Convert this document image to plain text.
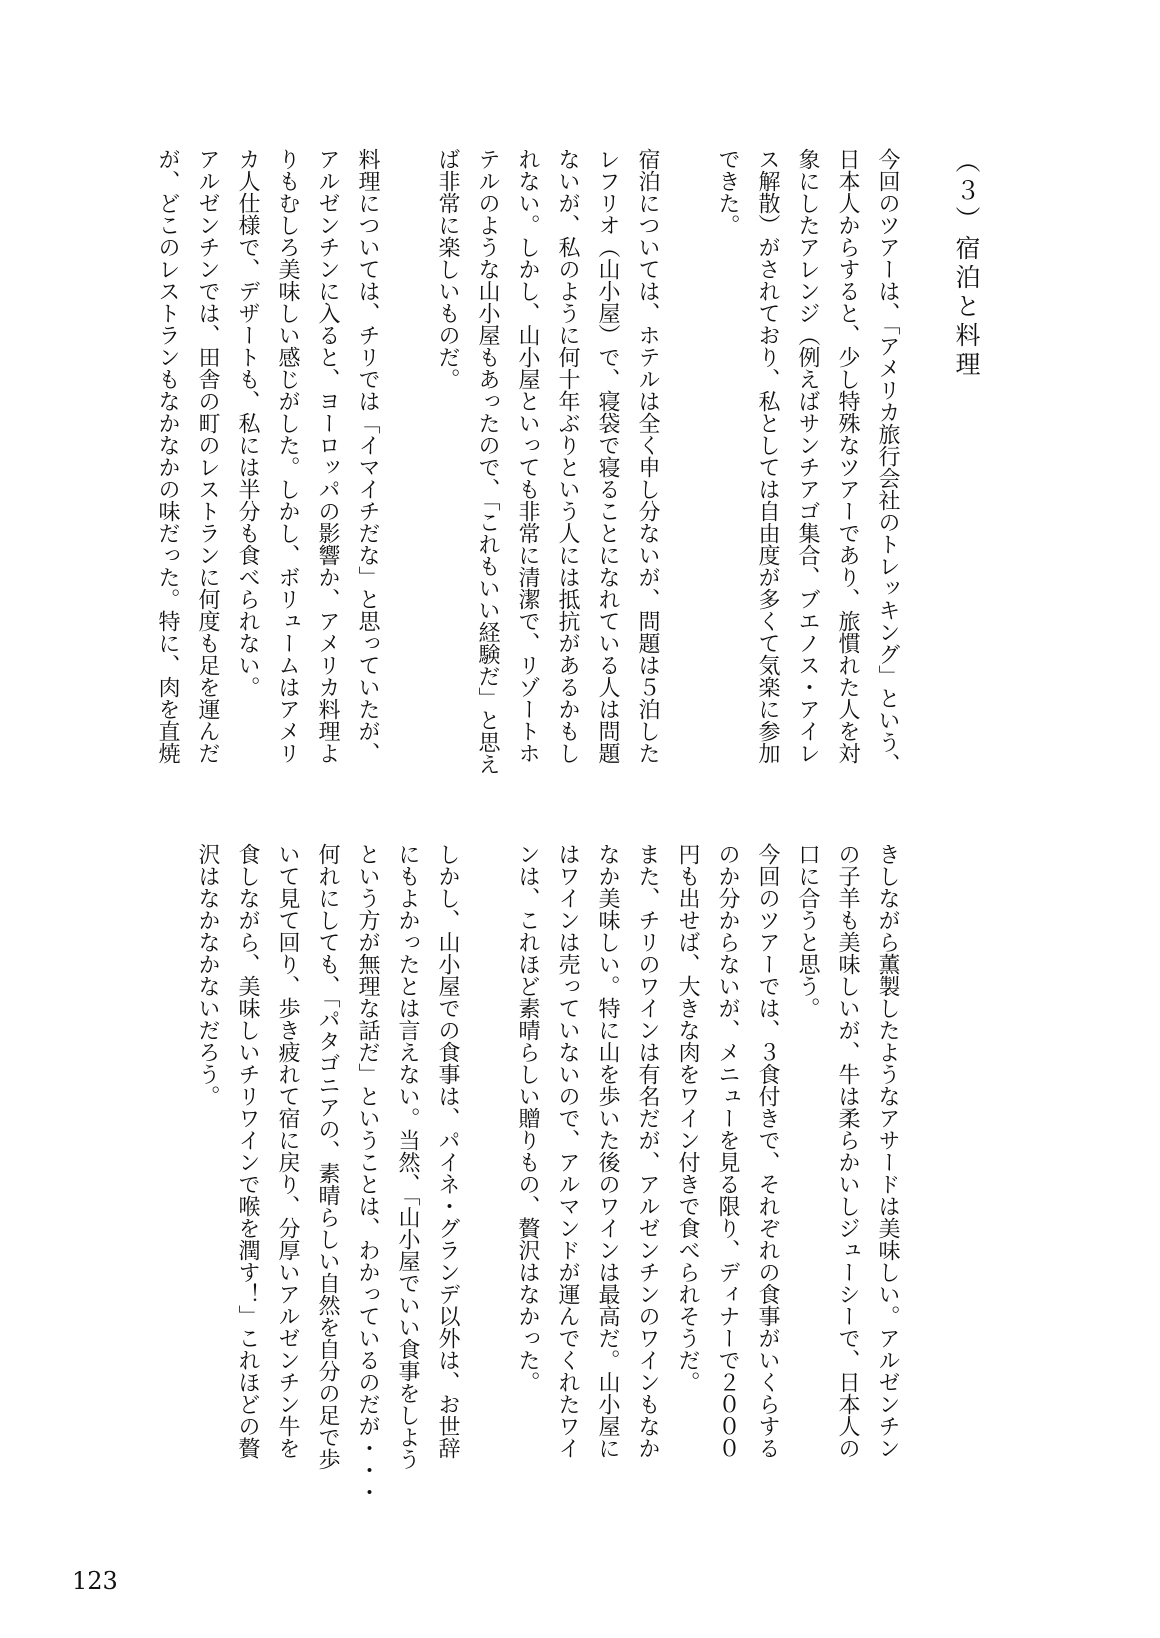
（３）宿泊と料理

今回のツアーは、「アメリカ旅行会社のトレッキング」という、

日本人からすると、少し特殊なツアーであり、旅慣れた人を対

象にしたアレンジ（例えばサンチアゴ集合、ブエノス・アイレ

ス解散）がされており、私としては自由度が多くて気楽に参加

できた。

宿泊については、ホテルは全く申し分ないが、問題は５泊した

レフリオ（山小屋）で、寝袋で寝ることになれている人は問題

ないが、私のように何十年ぶりという人には抵抗があるかもし

れない。しかし、山小屋といっても非常に清潔で、リゾートホ

テルのような山小屋もあったので、「これもいい経験だ」と思え

ば非常に楽しいものだ。

料理については、チリでは「イマイチだな」と思っていたが、

アルゼンチンに入ると、ヨーロッパの影響か、アメリカ料理よ

りもむしろ美味しい感じがした。しかし、ボリュームはアメリ

カ人仕様で、デザートも、私には半分も食べられない。

アルゼンチンでは、田舎の町のレストランに何度も足を運んだ

が、どこのレストランもなかなかの味だった。特に、肉を直焼

きしながら薫製したようなアサードは美味しい。アルゼンチン

の子羊も美味しいが、牛は柔らかいしジューシーで、日本人の

口に合うと思う。

今回のツアーでは、３食付きで、それぞれの食事がいくらする

のか分からないが、メニューを見る限り、ディナーで２０００

円も出せば、大きな肉をワイン付きで食べられそうだ。

また、チリのワインは有名だが、アルゼンチンのワインもなか

なか美味しい。特に山を歩いた後のワインは最高だ。山小屋に

はワインは売っていないので、アルマンドが運んでくれたワイ

ンは、これほど素晴らしい贈りもの、贅沢はなかった。

しかし、山小屋での食事は、パイネ・グランデ以外は、お世辞

にもよかったとは言えない。当然、「山小屋でいい食事をしよう

という方が無理な話だ」ということは、わかっているのだが・・・

何れにしても、「パタゴニアの、素晴らしい自然を自分の足で歩

いて見て回り、歩き疲れて宿に戻り、分厚いアルゼンチン牛を

食しながら、美味しいチリワインで喉を潤す！」これほどの贅

沢はなかなかないだろう。

123
